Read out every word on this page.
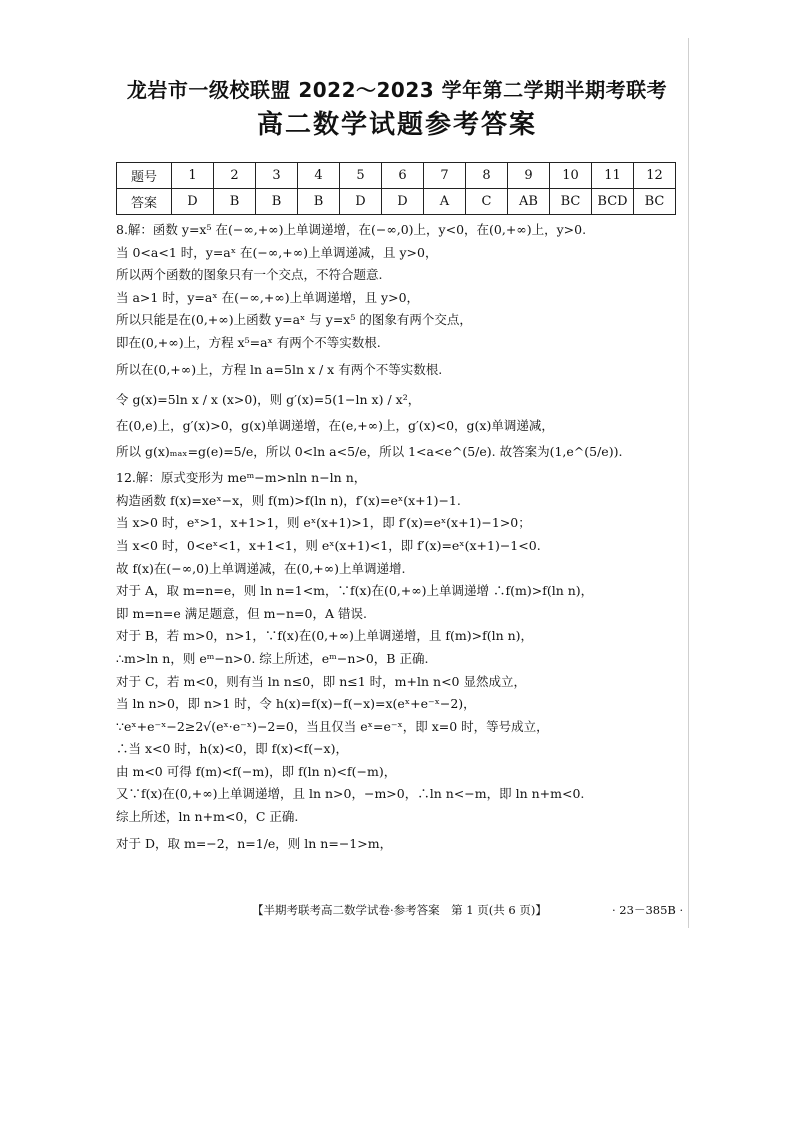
龙岩市一级校联盟 2022～2023 学年第二学期半期考联考
高二数学试题参考答案
题号	1	2	3	4	5	6	7	8	9	10	11	12
答案	D	B	B	B	D	D	A	C	AB	BC	BCD	BC
8.解：函数 y=x⁵ 在(−∞,+∞)上单调递增，在(−∞,0)上，y<0，在(0,+∞)上，y>0.
当 0<a<1 时，y=aˣ 在(−∞,+∞)上单调递减，且 y>0，
所以两个函数的图象只有一个交点，不符合题意.
当 a>1 时，y=aˣ 在(−∞,+∞)上单调递增，且 y>0，
所以只能是在(0,+∞)上函数 y=aˣ 与 y=x⁵ 的图象有两个交点，
即在(0,+∞)上，方程 x⁵=aˣ 有两个不等实数根.
所以在(0,+∞)上，方程 ln a=5ln x / x 有两个不等实数根.
令 g(x)=5ln x / x (x>0)，则 g′(x)=5(1−ln x) / x²，
在(0,e)上，g′(x)>0，g(x)单调递增，在(e,+∞)上，g′(x)<0，g(x)单调递减，
所以 g(x)ₘₐₓ=g(e)=5/e，所以 0<ln a<5/e，所以 1<a<e^(5/e). 故答案为(1,e^(5/e)).
12.解：原式变形为 meᵐ−m>nln n−ln n，
构造函数 f(x)=xeˣ−x，则 f(m)>f(ln n)，f′(x)=eˣ(x+1)−1.
当 x>0 时，eˣ>1，x+1>1，则 eˣ(x+1)>1，即 f′(x)=eˣ(x+1)−1>0；
当 x<0 时，0<eˣ<1，x+1<1，则 eˣ(x+1)<1，即 f′(x)=eˣ(x+1)−1<0.
故 f(x)在(−∞,0)上单调递减，在(0,+∞)上单调递增.
对于 A，取 m=n=e，则 ln n=1<m，∵f(x)在(0,+∞)上单调递增 ∴f(m)>f(ln n)，
即 m=n=e 满足题意，但 m−n=0，A 错误.
对于 B，若 m>0，n>1，∵f(x)在(0,+∞)上单调递增，且 f(m)>f(ln n)，
∴m>ln n，则 eᵐ−n>0. 综上所述，eᵐ−n>0，B 正确.
对于 C，若 m<0，则有当 ln n≤0，即 n≤1 时，m+ln n<0 显然成立，
当 ln n>0，即 n>1 时，令 h(x)=f(x)−f(−x)=x(eˣ+e⁻ˣ−2)，
∵eˣ+e⁻ˣ−2≥2√(eˣ·e⁻ˣ)−2=0，当且仅当 eˣ=e⁻ˣ，即 x=0 时，等号成立，
∴当 x<0 时，h(x)<0，即 f(x)<f(−x)，
由 m<0 可得 f(m)<f(−m)，即 f(ln n)<f(−m)，
又∵f(x)在(0,+∞)上单调递增，且 ln n>0，−m>0，∴ln n<−m，即 ln n+m<0.
综上所述，ln n+m<0，C 正确.
对于 D，取 m=−2，n=1/e，则 ln n=−1>m，
【半期考联考高二数学试卷·参考答案　第 1 页(共 6 页)】	· 23－385B ·
